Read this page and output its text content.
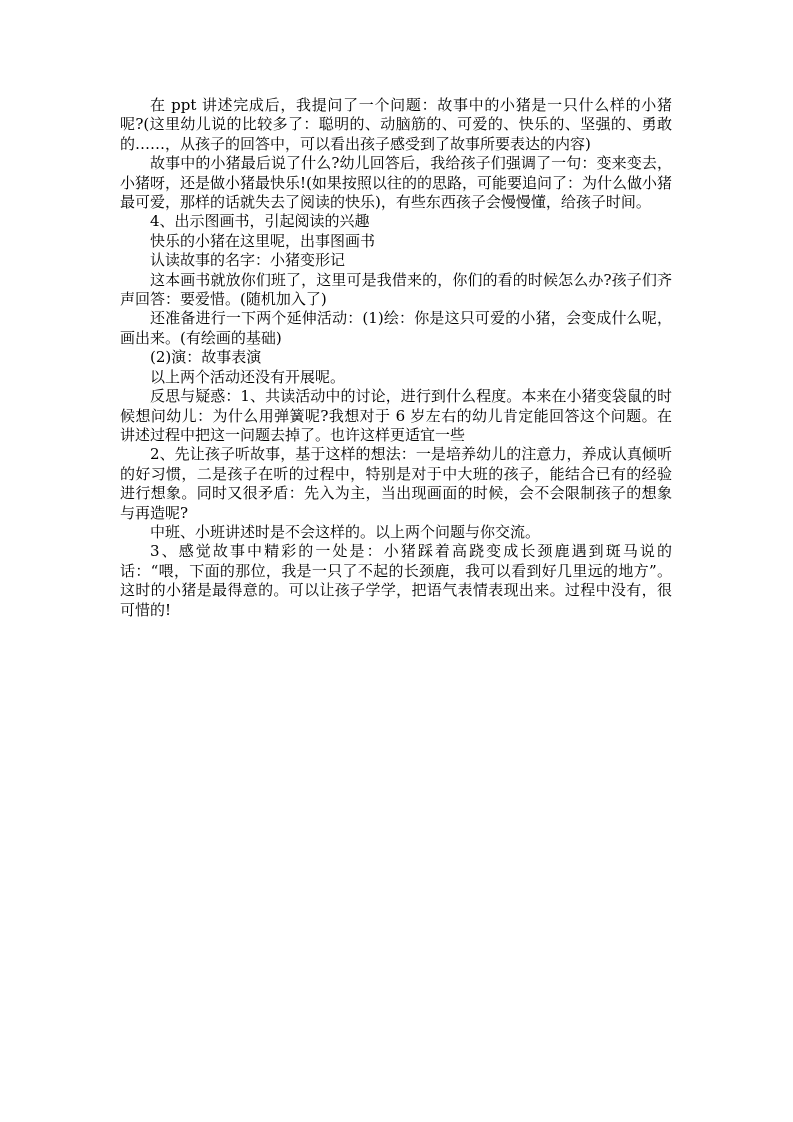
在 ppt 讲述完成后，我提问了一个问题：故事中的小猪是一只什么样的小猪呢?(这里幼儿说的比较多了：聪明的、动脑筋的、可爱的、快乐的、坚强的、勇敢的……，从孩子的回答中，可以看出孩子感受到了故事所要表达的内容)

故事中的小猪最后说了什么?幼儿回答后，我给孩子们强调了一句：变来变去，小猪呀，还是做小猪最快乐!(如果按照以往的的思路，可能要追问了：为什么做小猪最可爱，那样的话就失去了阅读的快乐)，有些东西孩子会慢慢懂，给孩子时间。

4、出示图画书，引起阅读的兴趣

快乐的小猪在这里呢，出事图画书

认读故事的名字：小猪变形记

这本画书就放你们班了，这里可是我借来的，你们的看的时候怎么办?孩子们齐声回答：要爱惜。(随机加入了)

还准备进行一下两个延伸活动：(1)绘：你是这只可爱的小猪，会变成什么呢，画出来。(有绘画的基础)

(2)演：故事表演

以上两个活动还没有开展呢。

反思与疑惑：1、共读活动中的讨论，进行到什么程度。本来在小猪变袋鼠的时候想问幼儿：为什么用弹簧呢?我想对于 6 岁左右的幼儿肯定能回答这个问题。在讲述过程中把这一问题去掉了。也许这样更适宜一些

2、先让孩子听故事，基于这样的想法：一是培养幼儿的注意力，养成认真倾听的好习惯，二是孩子在听的过程中，特别是对于中大班的孩子，能结合已有的经验进行想象。同时又很矛盾：先入为主，当出现画面的时候，会不会限制孩子的想象与再造呢?

中班、小班讲述时是不会这样的。以上两个问题与你交流。

3、感觉故事中精彩的一处是：小猪踩着高跷变成长颈鹿遇到斑马说的话：“喂，下面的那位，我是一只了不起的长颈鹿，我可以看到好几里远的地方”。这时的小猪是最得意的。可以让孩子学学，把语气表情表现出来。过程中没有，很可惜的!
